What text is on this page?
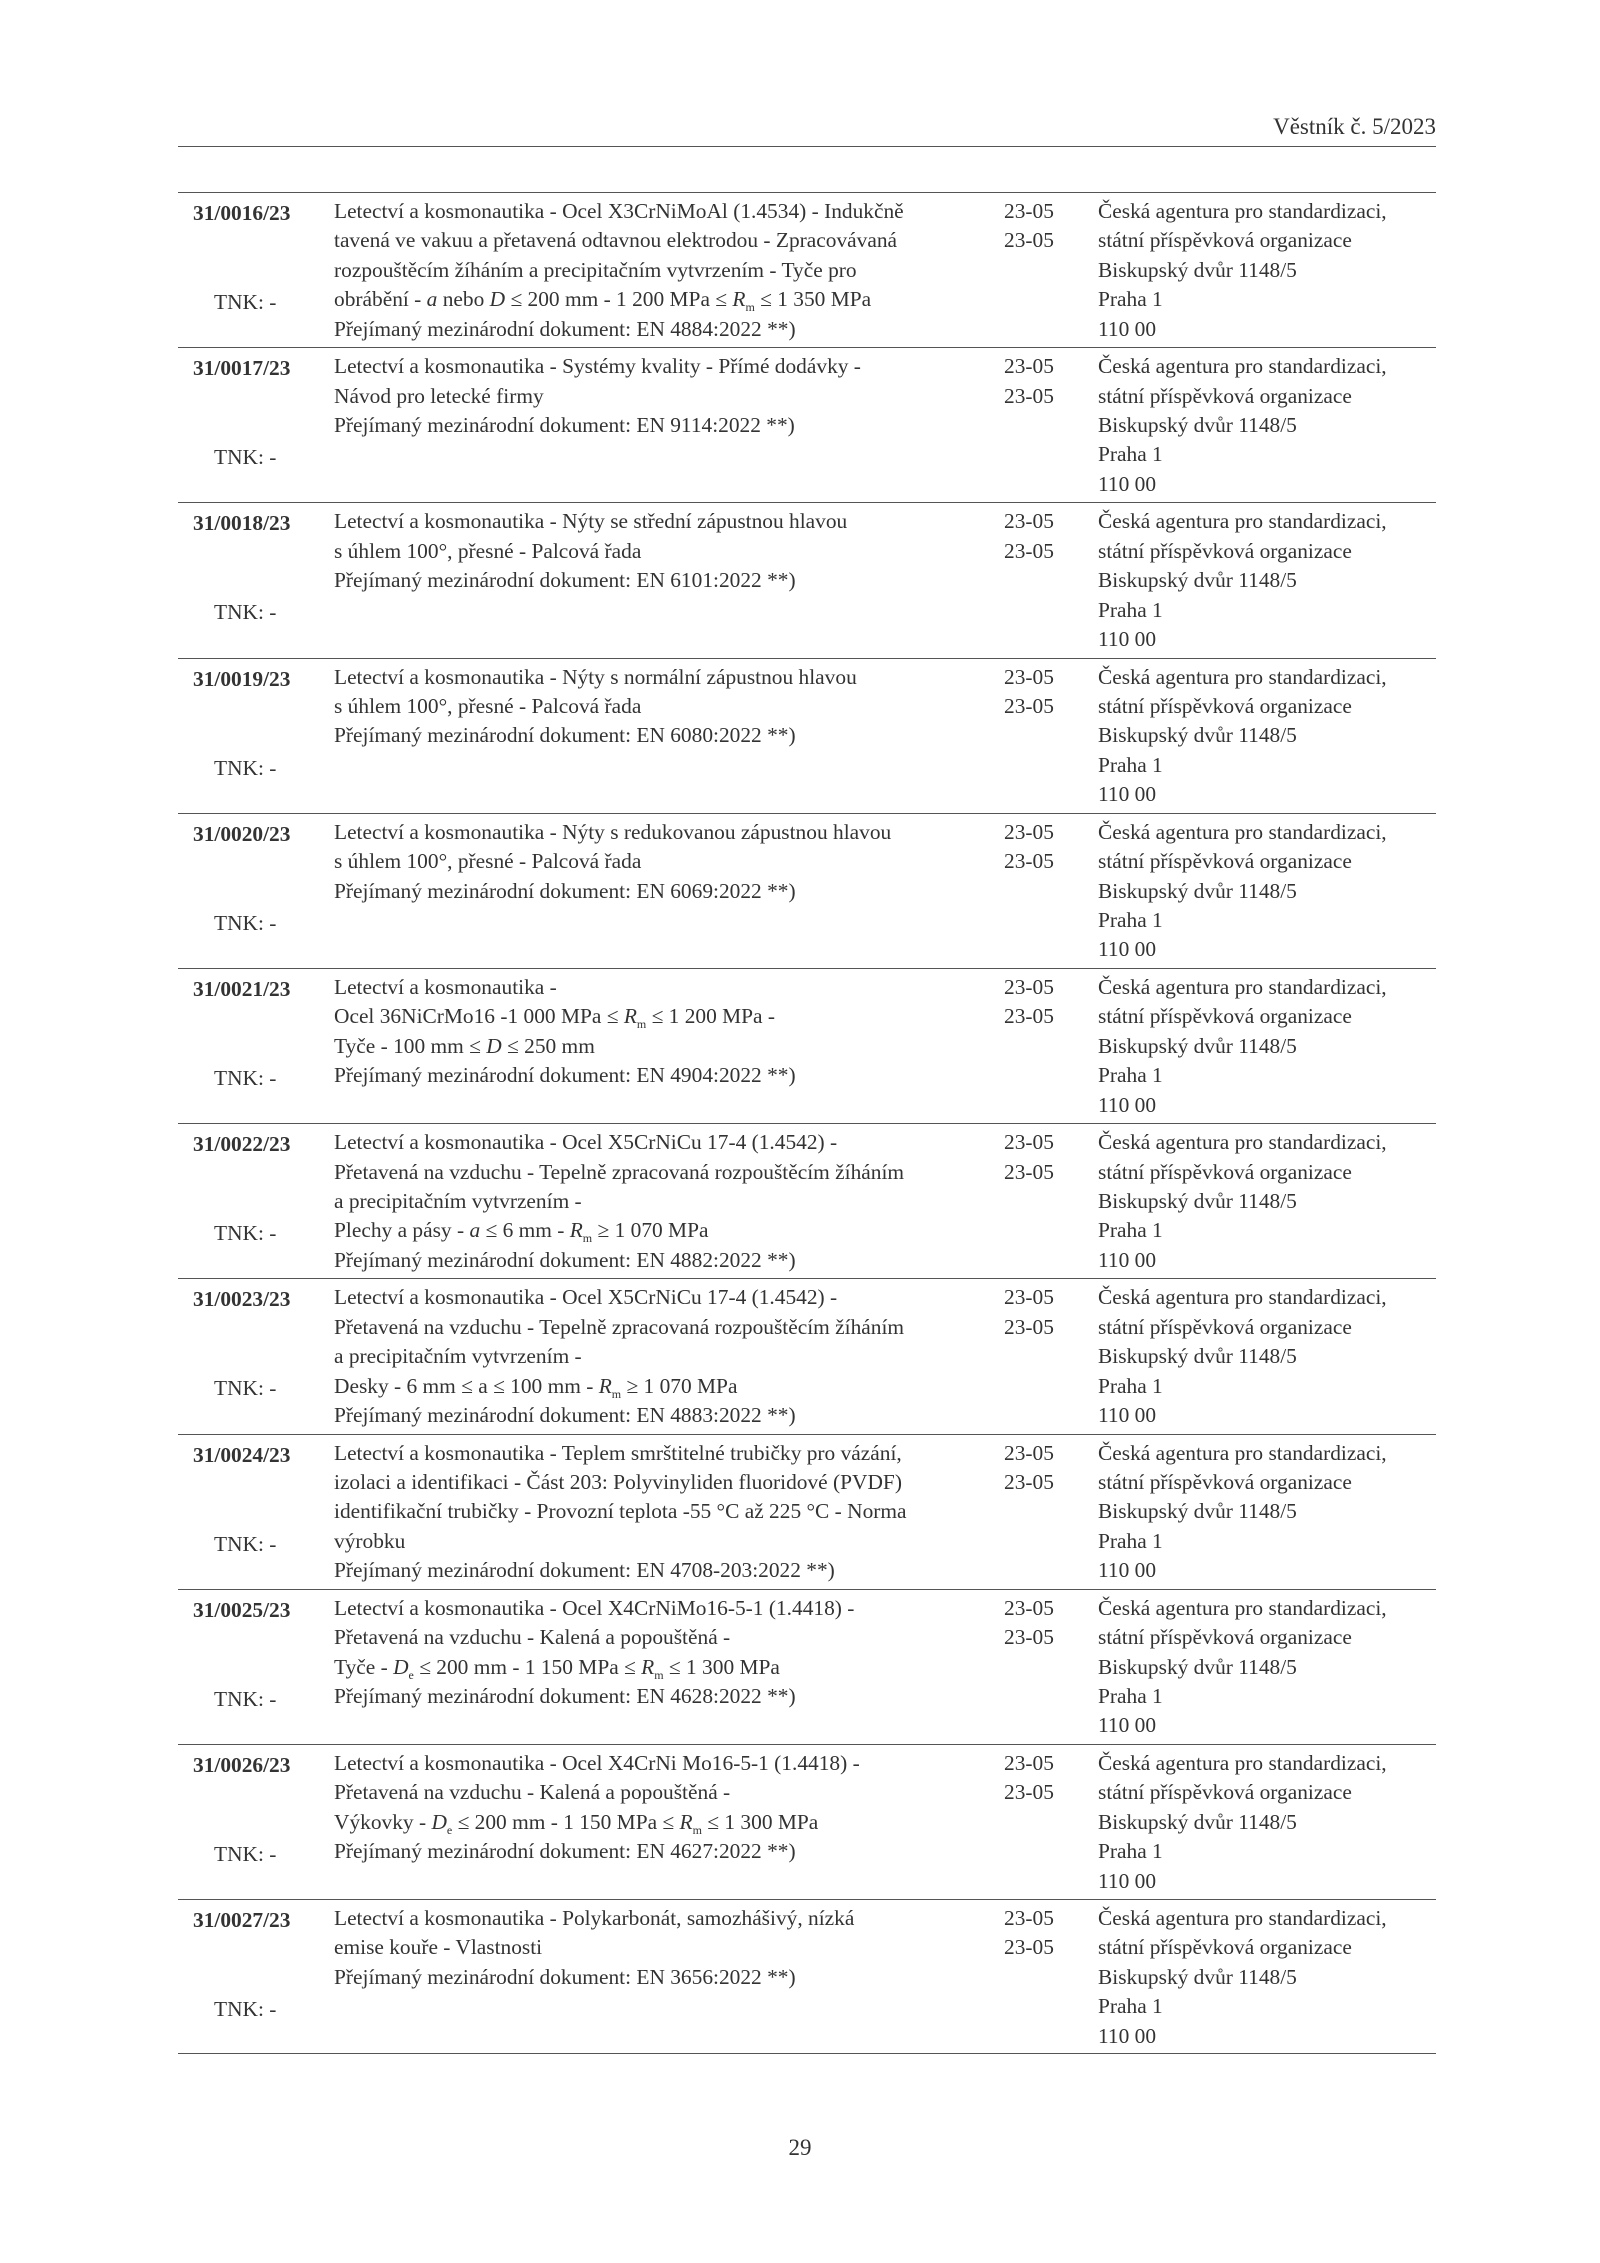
Věstník č. 5/2023
31/0016/23
TNK: -
Letectví a kosmonautika - Ocel X3CrNiMoAl (1.4534) - Indukčně
tavená ve vakuu a přetavená odtavnou elektrodou - Zpracovávaná
rozpouštěcím žíháním a precipitačním vytvrzením - Tyče pro
obrábění - a nebo D ≤ 200 mm - 1 200 MPa ≤ $R_m \le 1$ 350 MPa
Přejímaný mezinárodní dokument: EN 4884:2022 **)
23-05
23-05
Česká agentura pro standardizaci,
státní příspěvková organizace
Biskupský dvůr 1148/5
Praha 1
110 00
31/0017/23
TNK: -
Letectví a kosmonautika - Systémy kvality - Přímé dodávky -
Návod pro letecké firmy
Přejímaný mezinárodní dokument: EN 9114:2022 **)
23-05
23-05
Česká agentura pro standardizaci,
státní příspěvková organizace
Biskupský dvůr 1148/5
Praha 1
110 00
31/0018/23
TNK: -
Letectví a kosmonautika - Nýty se střední zápustnou hlavou
s úhlem 100°, přesné - Palcová řada
Přejímaný mezinárodní dokument: EN 6101:2022 **)
23-05
23-05
Česká agentura pro standardizaci,
státní příspěvková organizace
Biskupský dvůr 1148/5
Praha 1
110 00
31/0019/23
TNK: -
Letectví a kosmonautika - Nýty s normální zápustnou hlavou
s úhlem 100°, přesné - Palcová řada
Přejímaný mezinárodní dokument: EN 6080:2022 **)
23-05
23-05
Česká agentura pro standardizaci,
státní příspěvková organizace
Biskupský dvůr 1148/5
Praha 1
110 00
31/0020/23
TNK: -
Letectví a kosmonautika - Nýty s redukovanou zápustnou hlavou
s úhlem 100°, přesné - Palcová řada
Přejímaný mezinárodní dokument: EN 6069:2022 **)
23-05
23-05
Česká agentura pro standardizaci,
státní příspěvková organizace
Biskupský dvůr 1148/5
Praha 1
110 00
31/0021/23
TNK: -
Letectví a kosmonautika -
Ocel 36NiCrMo16 -1 000 MPa ≤ $R_m \le 1$ 200 MPa -
Tyče - 100 mm ≤ D ≤ 250 mm
Přejímaný mezinárodní dokument: EN 4904:2022 **)
23-05
23-05
Česká agentura pro standardizaci,
státní příspěvková organizace
Biskupský dvůr 1148/5
Praha 1
110 00
31/0022/23
TNK: -
Letectví a kosmonautika - Ocel X5CrNiCu 17-4 (1.4542) -
Přetavená na vzduchu - Tepelně zpracovaná rozpouštěcím žíháním
a precipitačním vytvrzením -
Plechy a pásy - a ≤ 6 mm - $R_m \ge 1$ 070 MPa
Přejímaný mezinárodní dokument: EN 4882:2022 **)
23-05
23-05
Česká agentura pro standardizaci,
státní příspěvková organizace
Biskupský dvůr 1148/5
Praha 1
110 00
31/0023/23
TNK: -
Letectví a kosmonautika - Ocel X5CrNiCu 17-4 (1.4542) -
Přetavená na vzduchu - Tepelně zpracovaná rozpouštěcím žíháním
a precipitačním vytvrzením -
Desky - 6 mm ≤ a ≤ 100 mm - $R_m \ge 1$ 070 MPa
Přejímaný mezinárodní dokument: EN 4883:2022 **)
23-05
23-05
Česká agentura pro standardizaci,
státní příspěvková organizace
Biskupský dvůr 1148/5
Praha 1
110 00
31/0024/23
TNK: -
Letectví a kosmonautika - Teplem smrštitelné trubičky pro vázání,
izolaci a identifikaci - Část 203: Polyvinyliden fluoridové (PVDF)
identifikační trubičky - Provozní teplota -55 °C až 225 °C - Norma
výrobku
Přejímaný mezinárodní dokument: EN 4708-203:2022 **)
23-05
23-05
Česká agentura pro standardizaci,
státní příspěvková organizace
Biskupský dvůr 1148/5
Praha 1
110 00
31/0025/23
TNK: -
Letectví a kosmonautika - Ocel X4CrNiMo16-5-1 (1.4418) -
Přetavená na vzduchu - Kalená a popouštěná -
Tyče - $D_e \le 200$ mm - 1 150 MPa ≤ $R_m \le 1$ 300 MPa
Přejímaný mezinárodní dokument: EN 4628:2022 **)
23-05
23-05
Česká agentura pro standardizaci,
státní příspěvková organizace
Biskupský dvůr 1148/5
Praha 1
110 00
31/0026/23
TNK: -
Letectví a kosmonautika - Ocel X4CrNi Mo16-5-1 (1.4418) -
Přetavená na vzduchu - Kalená a popouštěná -
Výkovky - $D_e \le 200$ mm - 1 150 MPa ≤ $R_m \le 1$ 300 MPa
Přejímaný mezinárodní dokument: EN 4627:2022 **)
23-05
23-05
Česká agentura pro standardizaci,
státní příspěvková organizace
Biskupský dvůr 1148/5
Praha 1
110 00
31/0027/23
TNK: -
Letectví a kosmonautika - Polykarbonát, samozhášivý, nízká
emise kouře - Vlastnosti
Přejímaný mezinárodní dokument: EN 3656:2022 **)
23-05
23-05
Česká agentura pro standardizaci,
státní příspěvková organizace
Biskupský dvůr 1148/5
Praha 1
110 00
29
